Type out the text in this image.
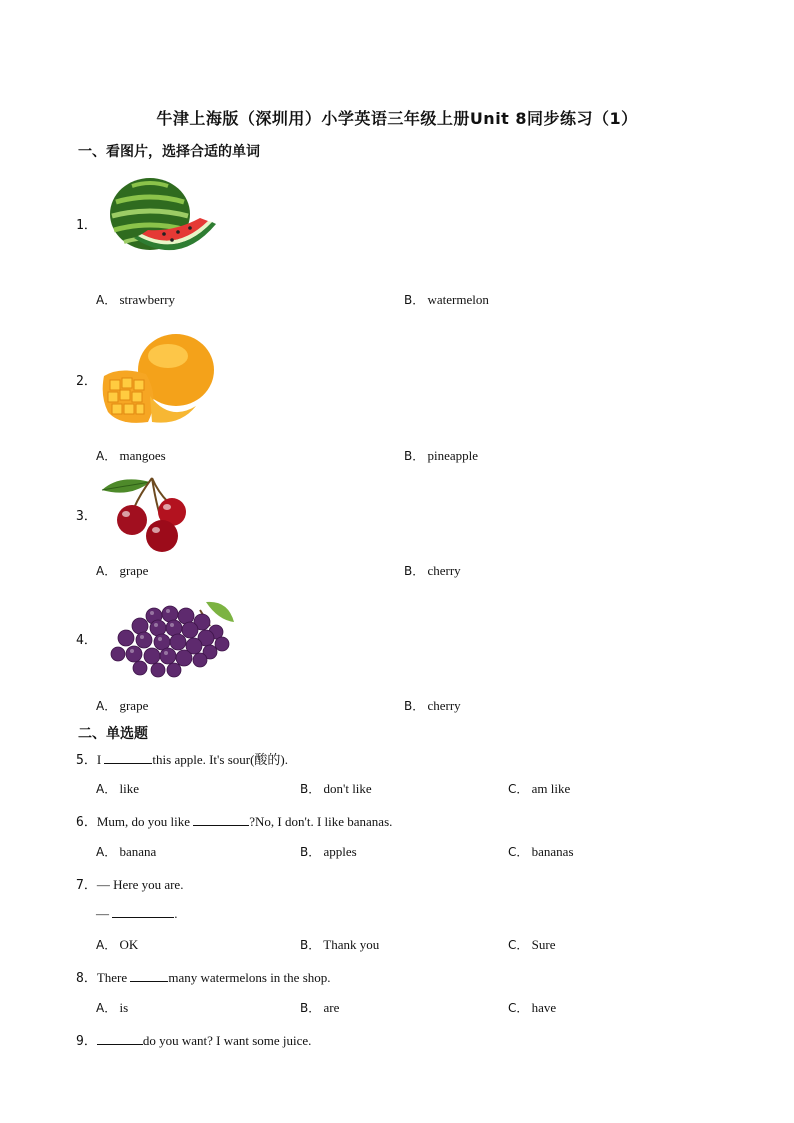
牛津上海版（深圳用）小学英语三年级上册Unit 8同步练习（1）
一、看图片，选择合适的单词
1．
A． strawberry	B． watermelon
2．
A． mangoes	B． pineapple
3．
A． grape	B． cherry
4．
A． grape	B． cherry
二、单选题
5．I	this apple. It's sour(酸的).
A． like	B． don't like	C． am like
6．Mum, do you like	?No, I don't. I like bananas.
A． banana	B． apples	C． bananas
7．— Here you are.
—	.
A． OK	B． Thank you	C． Sure
8．There	many watermelons in the shop.
A． is	B． are	C． have
9．	do you want? I want some juice.
